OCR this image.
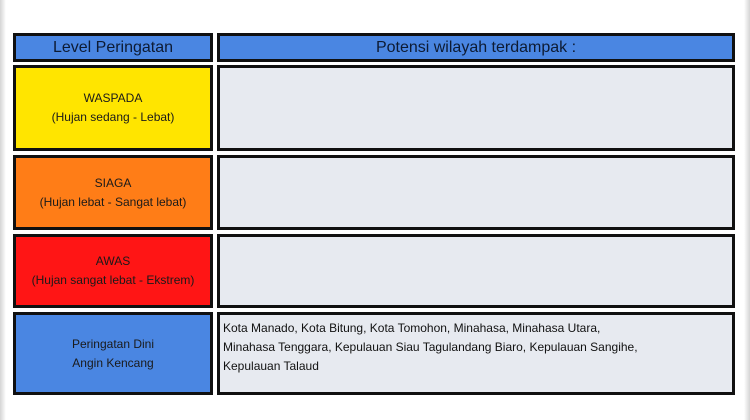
Level Peringatan	Potensi wilayah terdampak :
WASPADA
(Hujan sedang - Lebat)
SIAGA
(Hujan lebat - Sangat lebat)
AWAS
(Hujan sangat lebat - Ekstrem)
Peringatan Dini
Angin Kencang
Kota Manado, Kota Bitung, Kota Tomohon, Minahasa, Minahasa Utara,
Minahasa Tenggara, Kepulauan Siau Tagulandang Biaro, Kepulauan Sangihe,
Kepulauan Talaud
